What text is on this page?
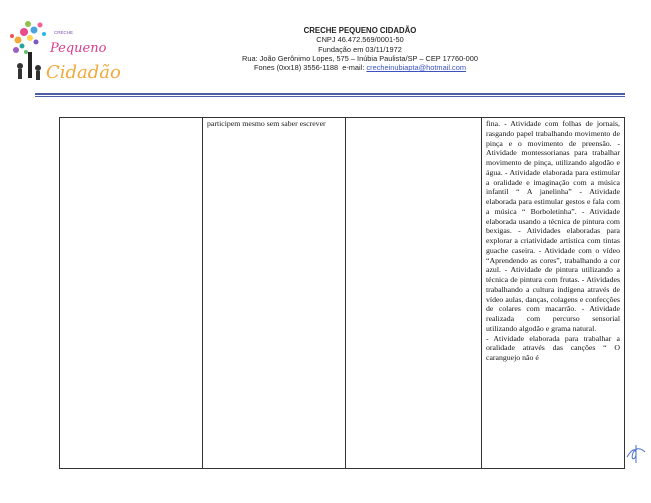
CRECHE
Pequeno
Cidadão
CRECHE PEQUENO CIDADÃO
CNPJ 46.472.569/0001-50
Fundação em 03/11/1972
Rua: João Gerônimo Lopes, 575 – Inúbia Paulista/SP – CEP 17760-000
Fones (0xx18) 3556-1188 e-mail: crecheinubiapta@hotmail.com
	participem mesmo sem saber escrever		fina. - Atividade com folhas de jornais, rasgando papel trabalhando movimento de pinça e o movimento de preensão. - Atividade montessorianas para trabalhar movimento de pinça, utilizando algodão e água. - Atividade elaborada para estimular a oralidade e imaginação com a música infantil “ A janelinha” - Atividade elaborada para estimular gestos e fala com a música “ Borboletinha”. - Atividade elaborada usando a técnica de pintura com bexigas. - Atividades elaboradas para explorar a criatividade artística com tintas guache caseira. - Atividade com o vídeo “Aprendendo as cores”, trabalhando a cor azul. - Atividade de pintura utilizando a técnica de pintura com frutas. - Atividades trabalhando a cultura indígena através de vídeo aulas, danças, colagens e confecções de colares com macarrão. - Atividade realizada com percurso sensorial utilizando algodão e grama natural.
- Atividade elaborada para trabalhar a oralidade através das canções “ O caranguejo não é
